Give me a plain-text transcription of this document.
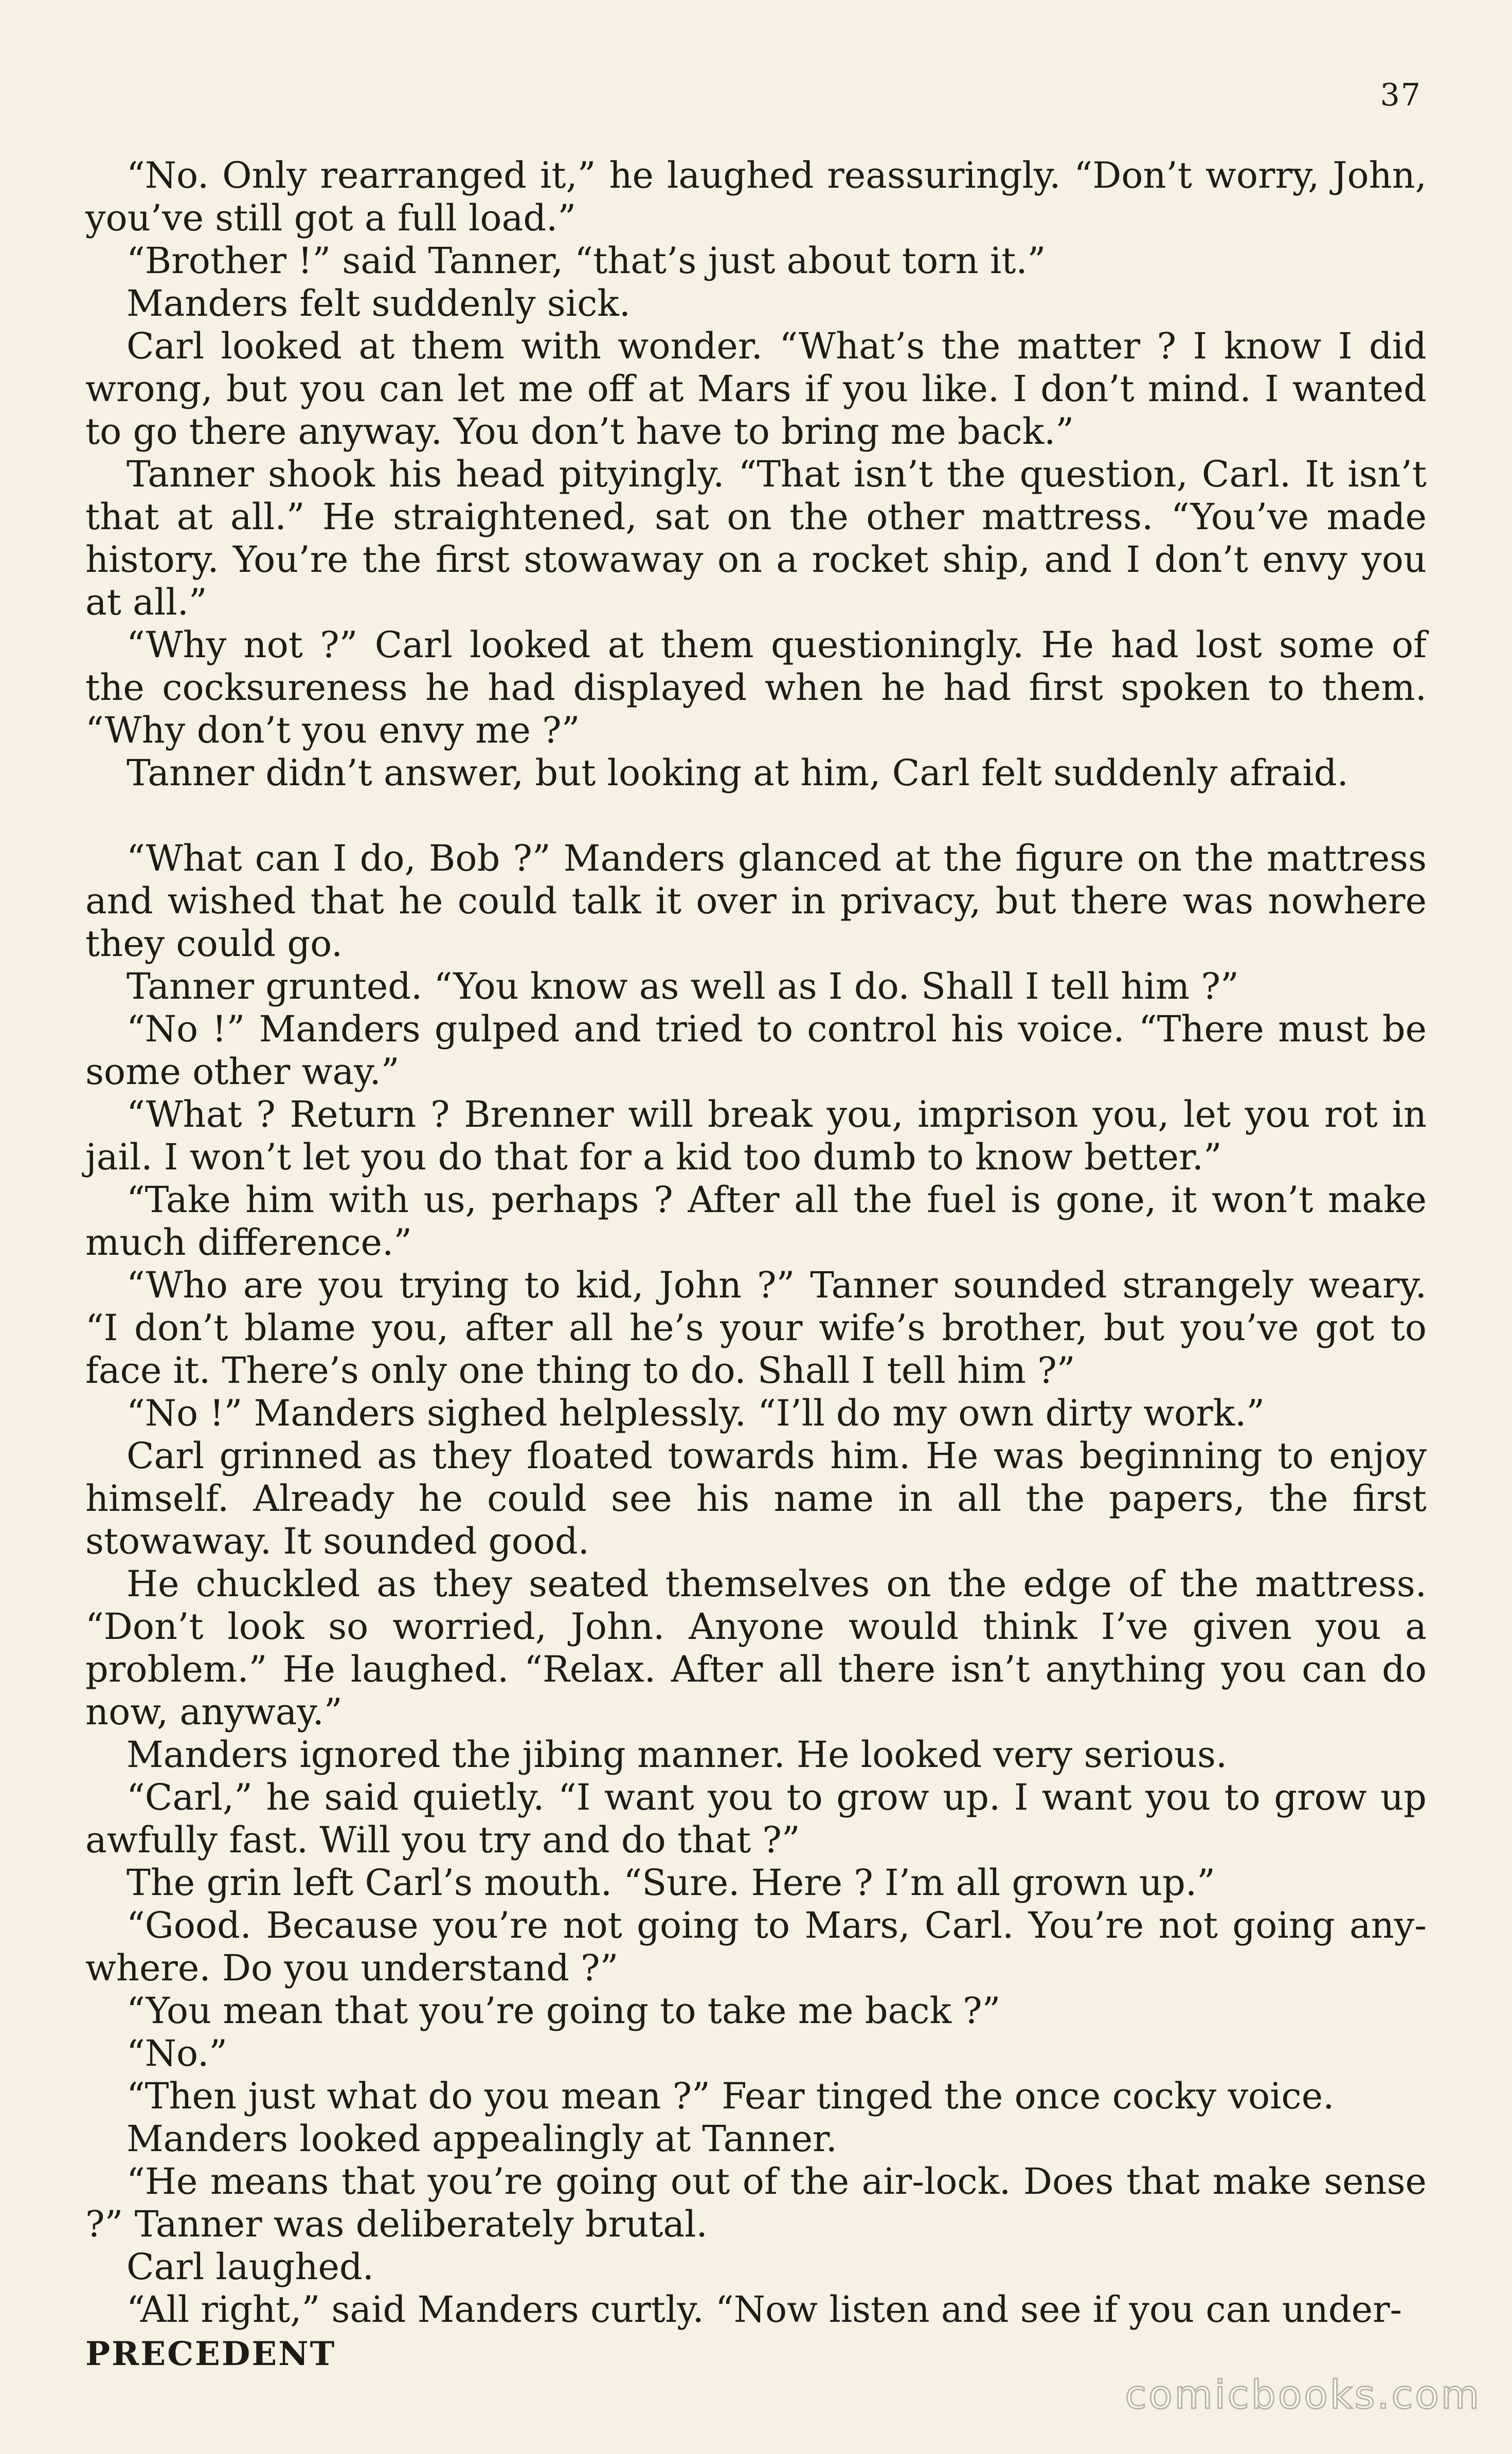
37

“No. Only rearranged it,” he laughed reassuringly. “Don’t worry, John, you’ve still got a full load.”

“Brother !” said Tanner, “that’s just about torn it.”

Manders felt suddenly sick.

Carl looked at them with wonder. “What’s the matter ? I know I did wrong, but you can let me off at Mars if you like. I don’t mind. I wanted to go there anyway. You don’t have to bring me back.”

Tanner shook his head pityingly. “That isn’t the question, Carl. It isn’t that at all.” He straightened, sat on the other mattress. “You’ve made history. You’re the first stowaway on a rocket ship, and I don’t envy you at all.”

“Why not ?” Carl looked at them questioningly. He had lost some of the cocksureness he had displayed when he had first spoken to them. “Why don’t you envy me ?”

Tanner didn’t answer, but looking at him, Carl felt suddenly afraid.

“What can I do, Bob ?” Manders glanced at the figure on the mattress and wished that he could talk it over in privacy, but there was nowhere they could go.

Tanner grunted. “You know as well as I do. Shall I tell him ?”

“No !” Manders gulped and tried to control his voice. “There must be some other way.”

“What ? Return ? Brenner will break you, imprison you, let you rot in jail. I won’t let you do that for a kid too dumb to know better.”

“Take him with us, perhaps ? After all the fuel is gone, it won’t make much difference.”

“Who are you trying to kid, John ?” Tanner sounded strangely weary. “I don’t blame you, after all he’s your wife’s brother, but you’ve got to face it. There’s only one thing to do. Shall I tell him ?”

“No !” Manders sighed helplessly. “I’ll do my own dirty work.”

Carl grinned as they floated towards him. He was beginning to enjoy himself. Already he could see his name in all the papers, the first stowaway. It sounded good.

He chuckled as they seated themselves on the edge of the mattress. “Don’t look so worried, John. Anyone would think I’ve given you a problem.” He laughed. “Relax. After all there isn’t anything you can do now, anyway.”

Manders ignored the jibing manner. He looked very serious.

“Carl,” he said quietly. “I want you to grow up. I want you to grow up awfully fast. Will you try and do that ?”

The grin left Carl’s mouth. “Sure. Here ? I’m all grown up.”

“Good. Because you’re not going to Mars, Carl. You’re not going any-where. Do you understand ?”

“You mean that you’re going to take me back ?”

“No.”

“Then just what do you mean ?” Fear tinged the once cocky voice.

Manders looked appealingly at Tanner.

“He means that you’re going out of the air-lock. Does that make sense ?” Tanner was deliberately brutal.

Carl laughed.

“All right,” said Manders curtly. “Now listen and see if you can under-

PRECEDENT
comicbooks.com
